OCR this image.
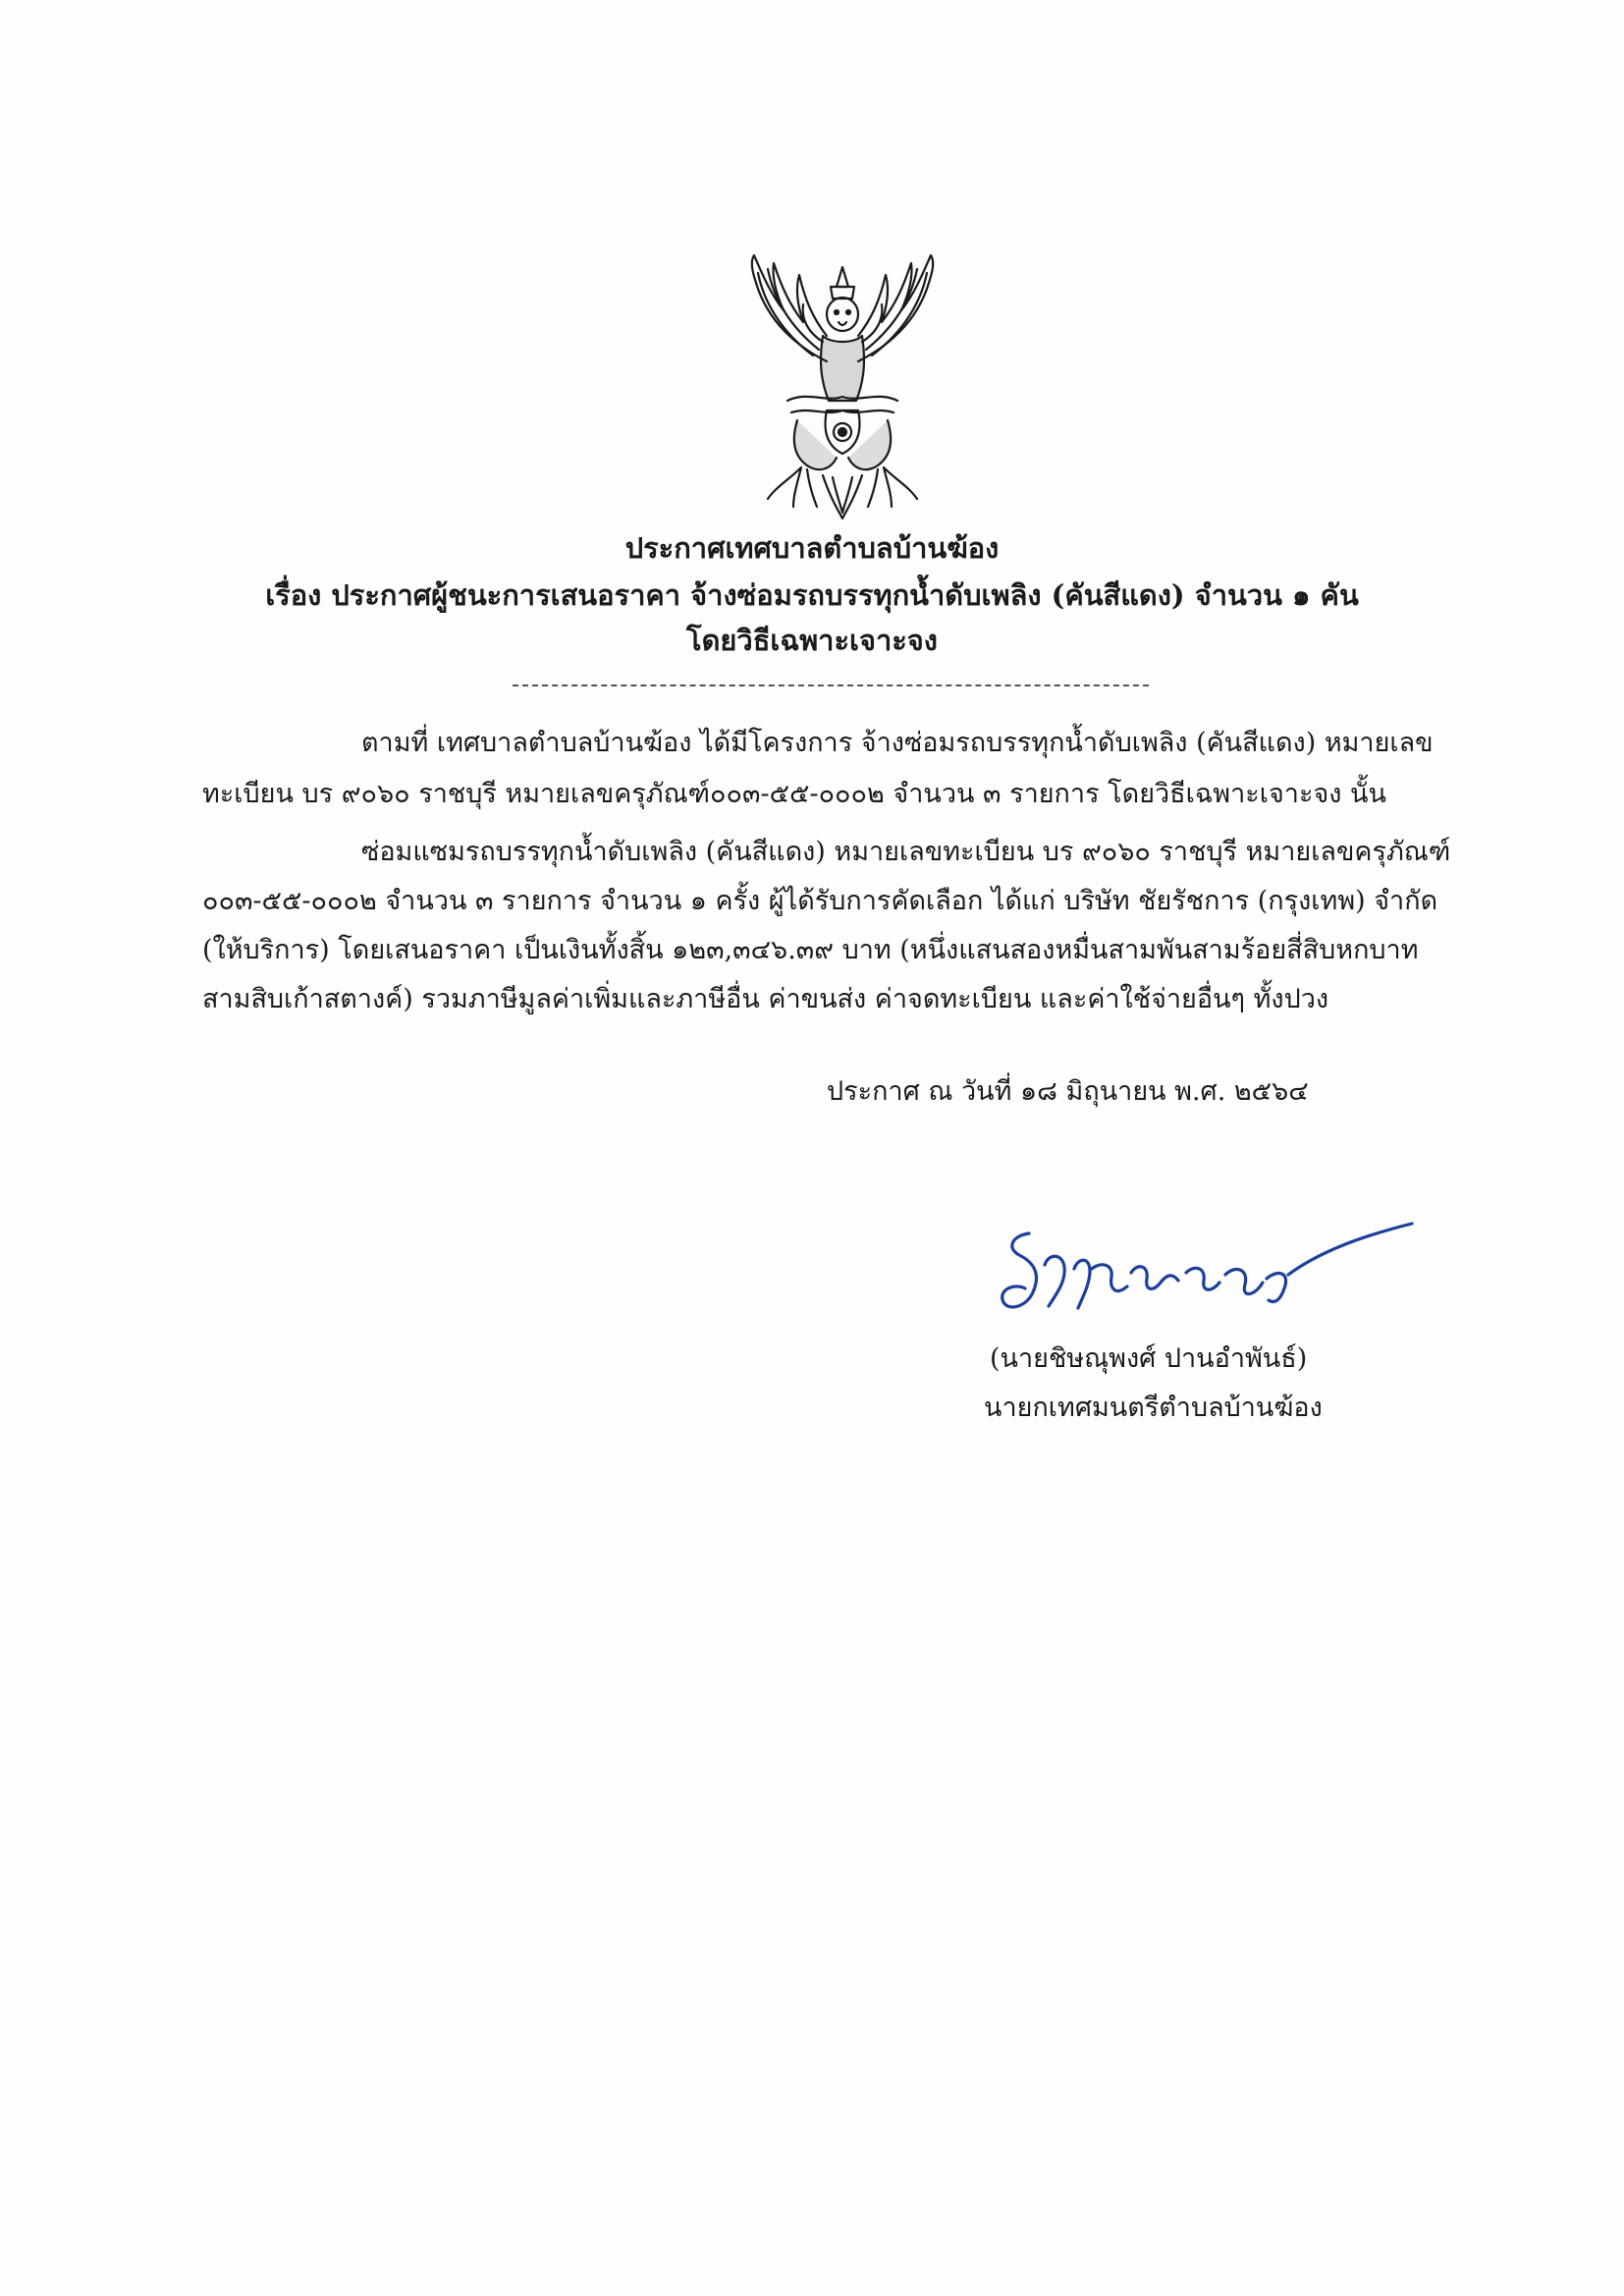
ประกาศเทศบาลตำบลบ้านฆ้อง
เรื่อง ประกาศผู้ชนะการเสนอราคา จ้างซ่อมรถบรรทุกน้ำดับเพลิง (คันสีแดง) จำนวน ๑ คัน
โดยวิธีเฉพาะเจาะจง
ตามที่ เทศบาลตำบลบ้านฆ้อง ได้มีโครงการ จ้างซ่อมรถบรรทุกน้ำดับเพลิง (คันสีแดง) หมายเลข
ทะเบียน บร ๙๐๖๐ ราชบุรี หมายเลขครุภัณฑ์๐๐๓-๕๕-๐๐๐๒ จำนวน ๓ รายการ โดยวิธีเฉพาะเจาะจง นั้น
ซ่อมแซมรถบรรทุกน้ำดับเพลิง (คันสีแดง) หมายเลขทะเบียน บร ๙๐๖๐ ราชบุรี หมายเลขครุภัณฑ์
๐๐๓-๕๕-๐๐๐๒ จำนวน ๓ รายการ จำนวน ๑ ครั้ง ผู้ได้รับการคัดเลือก ได้แก่ บริษัท ชัยรัชการ (กรุงเทพ) จำกัด
(ให้บริการ) โดยเสนอราคา เป็นเงินทั้งสิ้น ๑๒๓,๓๔๖.๓๙ บาท (หนึ่งแสนสองหมื่นสามพันสามร้อยสี่สิบหกบาท
สามสิบเก้าสตางค์) รวมภาษีมูลค่าเพิ่มและภาษีอื่น ค่าขนส่ง ค่าจดทะเบียน และค่าใช้จ่ายอื่นๆ ทั้งปวง
ประกาศ ณ วันที่ ๑๘ มิถุนายน พ.ศ. ๒๕๖๔
(นายชิษณุพงศ์ ปานอำพันธ์)
นายกเทศมนตรีตำบลบ้านฆ้อง
